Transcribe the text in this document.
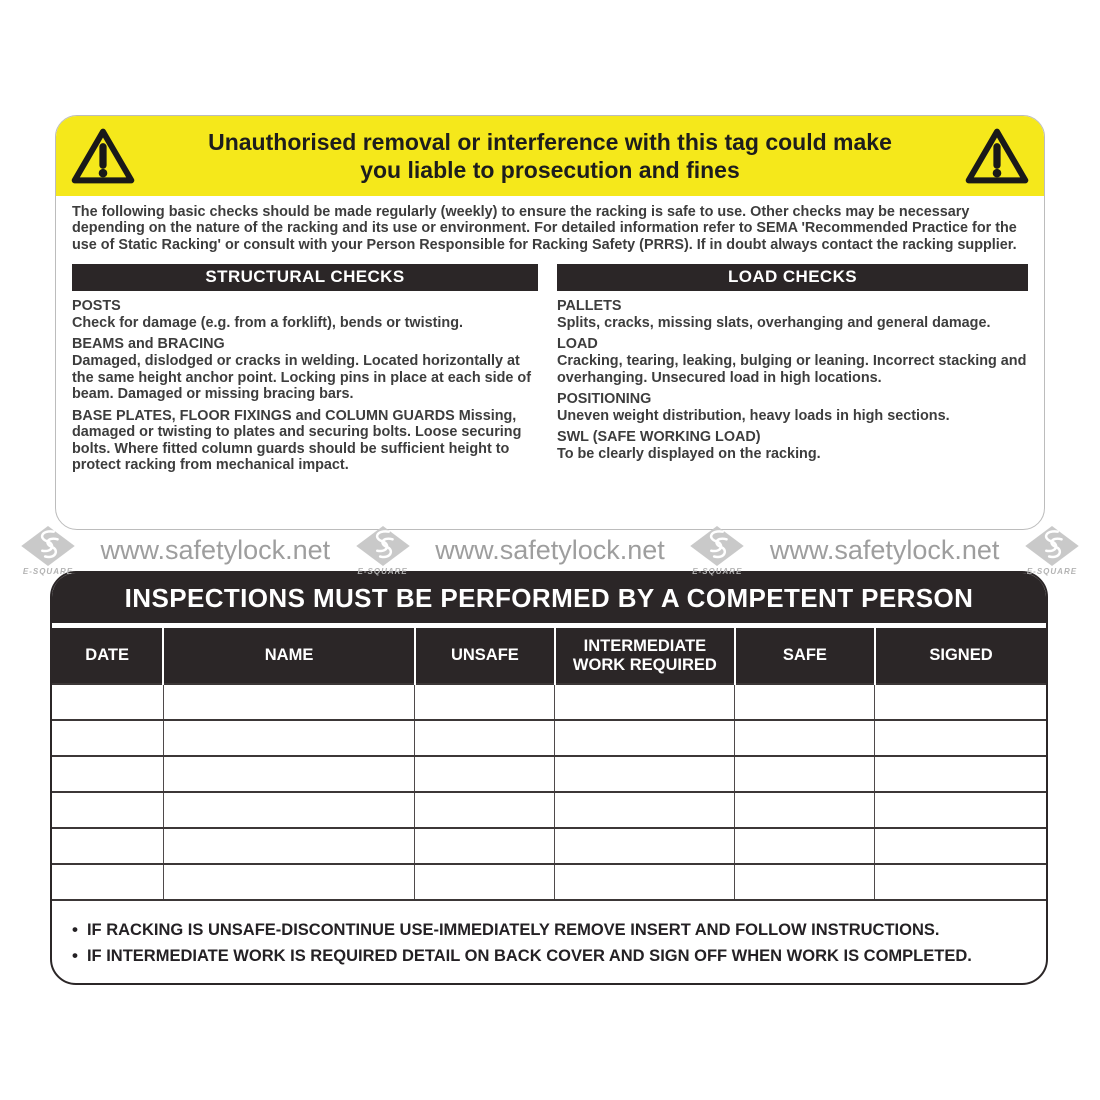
Unauthorised removal or interference with this tag could make
you liable to prosecution and fines
The following basic checks should be made regularly (weekly) to ensure the racking is safe to use. Other checks may be necessary depending on the nature of the racking and its use or environment. For detailed information refer to SEMA 'Recommended Practice for the use of Static Racking' or consult with your Person Responsible for Racking Safety (PRRS). If in doubt always contact the racking supplier.
STRUCTURAL CHECKS

POSTS
Check for damage (e.g. from a forklift), bends or twisting.

BEAMS and BRACING
Damaged, dislodged or cracks in welding. Located horizontally at the same height anchor point. Locking pins in place at each side of beam. Damaged or missing bracing bars.

BASE PLATES, FLOOR FIXINGS and COLUMN GUARDS Missing, damaged or twisting to plates and securing bolts. Loose securing bolts. Where fitted column guards should be sufficient height to protect racking from mechanical impact.

LOAD CHECKS

PALLETS
Splits, cracks, missing slats, overhanging and general damage.

LOAD
Cracking, tearing, leaking, bulging or leaning. Incorrect stacking and overhanging. Unsecured load in high locations.

POSITIONING
Uneven weight distribution, heavy loads in high sections.

SWL (SAFE WORKING LOAD)
To be clearly displayed on the racking.

E-SQUARE
www.safetylock.net
E-SQUARE
www.safetylock.net
E-SQUARE
www.safetylock.net
E-SQUARE
INSPECTIONS MUST BE PERFORMED BY A COMPETENT PERSON
DATE	NAME	UNSAFE	INTERMEDIATE WORK REQUIRED	SAFE	SIGNED

• IF RACKING IS UNSAFE-DISCONTINUE USE-IMMEDIATELY REMOVE INSERT AND FOLLOW INSTRUCTIONS.
• IF INTERMEDIATE WORK IS REQUIRED DETAIL ON BACK COVER AND SIGN OFF WHEN WORK IS COMPLETED.
